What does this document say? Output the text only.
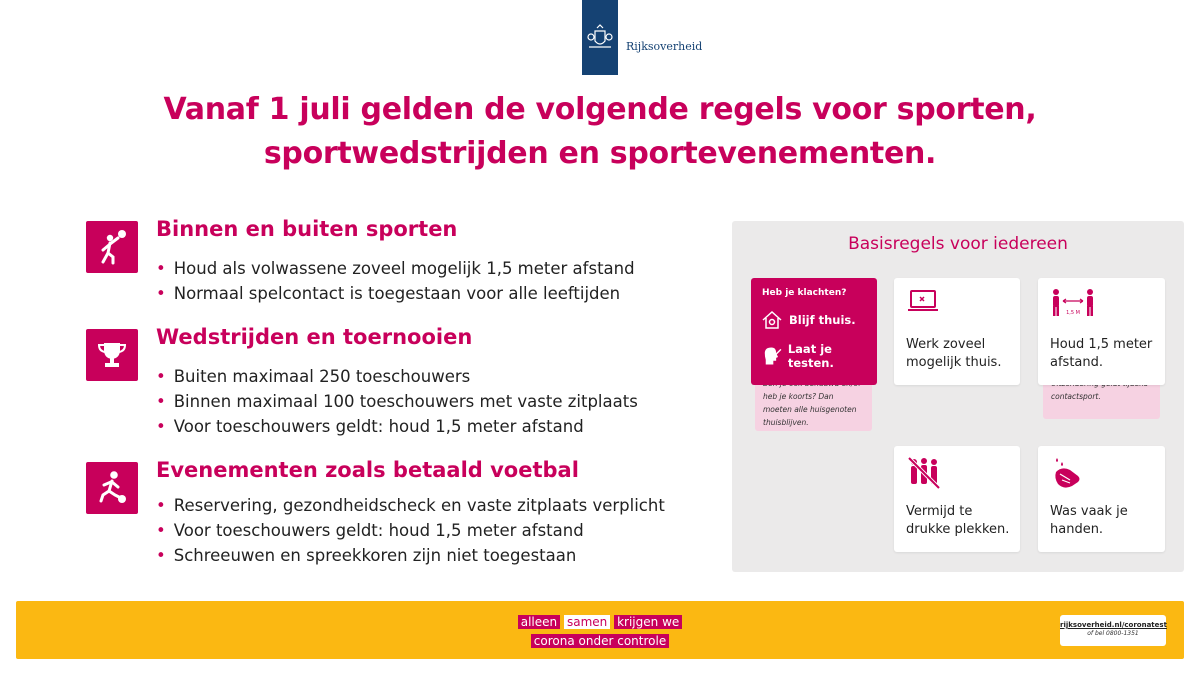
Rijksoverheid
Vanaf 1 juli gelden de volgende regels voor sporten,
sportwedstrijden en sportevenementen.
Binnen en buiten sporten
• Houd als volwassene zoveel mogelijk 1,5 meter afstand
• Normaal spelcontact is toegestaan voor alle leeftijden
Wedstrijden en toernooien
• Buiten maximaal 250 toeschouwers
• Binnen maximaal 100 toeschouwers met vaste zitplaats
• Voor toeschouwers geldt: houd 1,5 meter afstand
Evenementen zoals betaald voetbal
• Reservering, gezondheidscheck en vaste zitplaats verplicht
• Voor toeschouwers geldt: houd 1,5 meter afstand
• Schreeuwen en spreekkoren zijn niet toegestaan
Basisregels voor iedereen
heb je koorts? Dan moeten alle huisgenoten thuisblijven.
Heb je klachten?
Blijf thuis.
Laat je testen.
Werk zoveel
mogelijk thuis.
contactsport.
1,5 M
Houd 1,5 meter
afstand.
Vermijd te
drukke plekken.
Was vaak je
handen.
alleen samen krijgen we
corona onder controle
rijksoverheid.nl/coronatest
of bel 0800-1351
